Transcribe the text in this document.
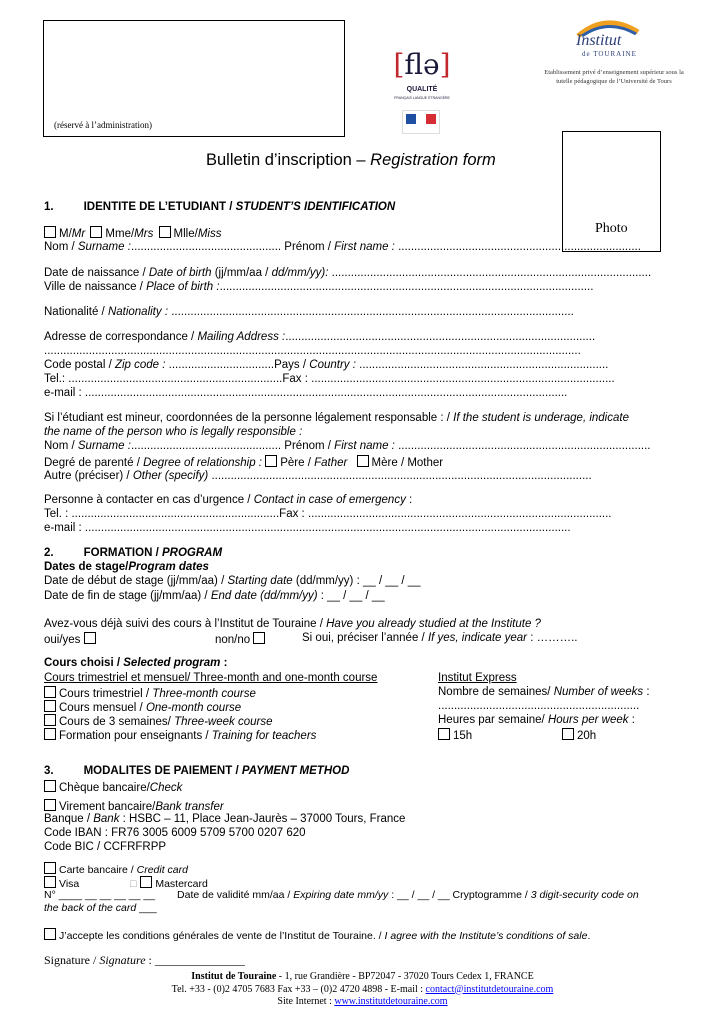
(réservé à l’administration)
[flə]
QUALITÉ
FRANÇAIS LANGUE ÉTRANGÈRE
Institut
de TOURAINE
Etablissement privé d’enseignement supérieur sous la
tutelle pédagogique de l’Université de Tours
Photo
Bulletin d’inscription – Registration form
1.	IDENTITE DE L’ETUDIANT / STUDENT’S IDENTIFICATION
M/Mr Mme/Mrs Mlle/Miss
Nom / Surname :............................................... Prénom / First name : ............................................................................
Date de naissance / Date of birth (jj/mm/aa / dd/mm/yy): ....................................................................................................
Ville de naissance / Place of birth :.....................................................................................................................
Nationalité / Nationality : ..............................................................................................................................
Adresse de correspondance / Mailing Address :.................................................................................................
........................................................................................................................................................................
Code postal / Zip code : .................................Pays / Country : ..............................................................................
Tel.: ...................................................................Fax : ...............................................................................................
e-mail : .......................................................................................................................................................
Si l’étudiant est mineur, coordonnées de la personne légalement responsable : / If the student is underage, indicate
the name of the person who is legally responsible :
Nom / Surname :............................................... Prénom / First name : ...............................................................................
Degré de parenté / Degree of relationship : Père / Father Mère / Mother
Autre (préciser) / Other (specify) .......................................................................................................................
Personne à contacter en cas d’urgence / Contact in case of emergency :
Tel. : .................................................................Fax : ...............................................................................................
e-mail : ........................................................................................................................................................
2.	FORMATION / PROGRAM
Dates de stage/Program dates
Date de début de stage (jj/mm/aa) / Starting date (dd/mm/yy) : __ / __ / __
Date de fin de stage (jj/mm/aa) / End date (dd/mm/yy) : __ / __ / __
Avez-vous déjà suivi des cours à l’Institut de Touraine / Have you already studied at the Institute ?
oui/yes	non/no	Si oui, préciser l’année / If yes, indicate year : ………..
Cours choisi / Selected program :
Cours trimestriel et mensuel/ Three-month and one-month course
Cours trimestriel / Three-month course
Cours mensuel / One-month course
Cours de 3 semaines/ Three-week course
Formation pour enseignants / Training for teachers
Institut Express
Nombre de semaines/ Number of weeks :
...............................................................
Heures par semaine/ Hours per week :
15h	20h
3.	MODALITES DE PAIEMENT / PAYMENT METHOD
Chèque bancaire/Check
Virement bancaire/Bank transfer
Banque / Bank : HSBC – 11, Place Jean-Jaurès – 37000 Tours, France
Code IBAN : FR76 3005 6009 5709 5700 0207 620
Code BIC / CCFRFRPP
Carte bancaire / Credit card
Visa	□ Mastercard
N° ____ __ __ __ __ __ Date de validité mm/aa / Expiring date mm/yy : __ / __ / __ Cryptogramme / 3 digit-security code on
the back of the card ___
J’accepte les conditions générales de vente de l’Institut de Touraine. / I agree with the Institute’s conditions of sale.
Signature / Signature : _______________
Institut de Touraine - 1, rue Grandière - BP72047 - 37020 Tours Cedex 1, FRANCE
Tel. +33 - (0)2 4705 7683 Fax +33 – (0)2 4720 4898 - E-mail : contact@institutdetouraine.com
Site Internet : www.institutdetouraine.com
